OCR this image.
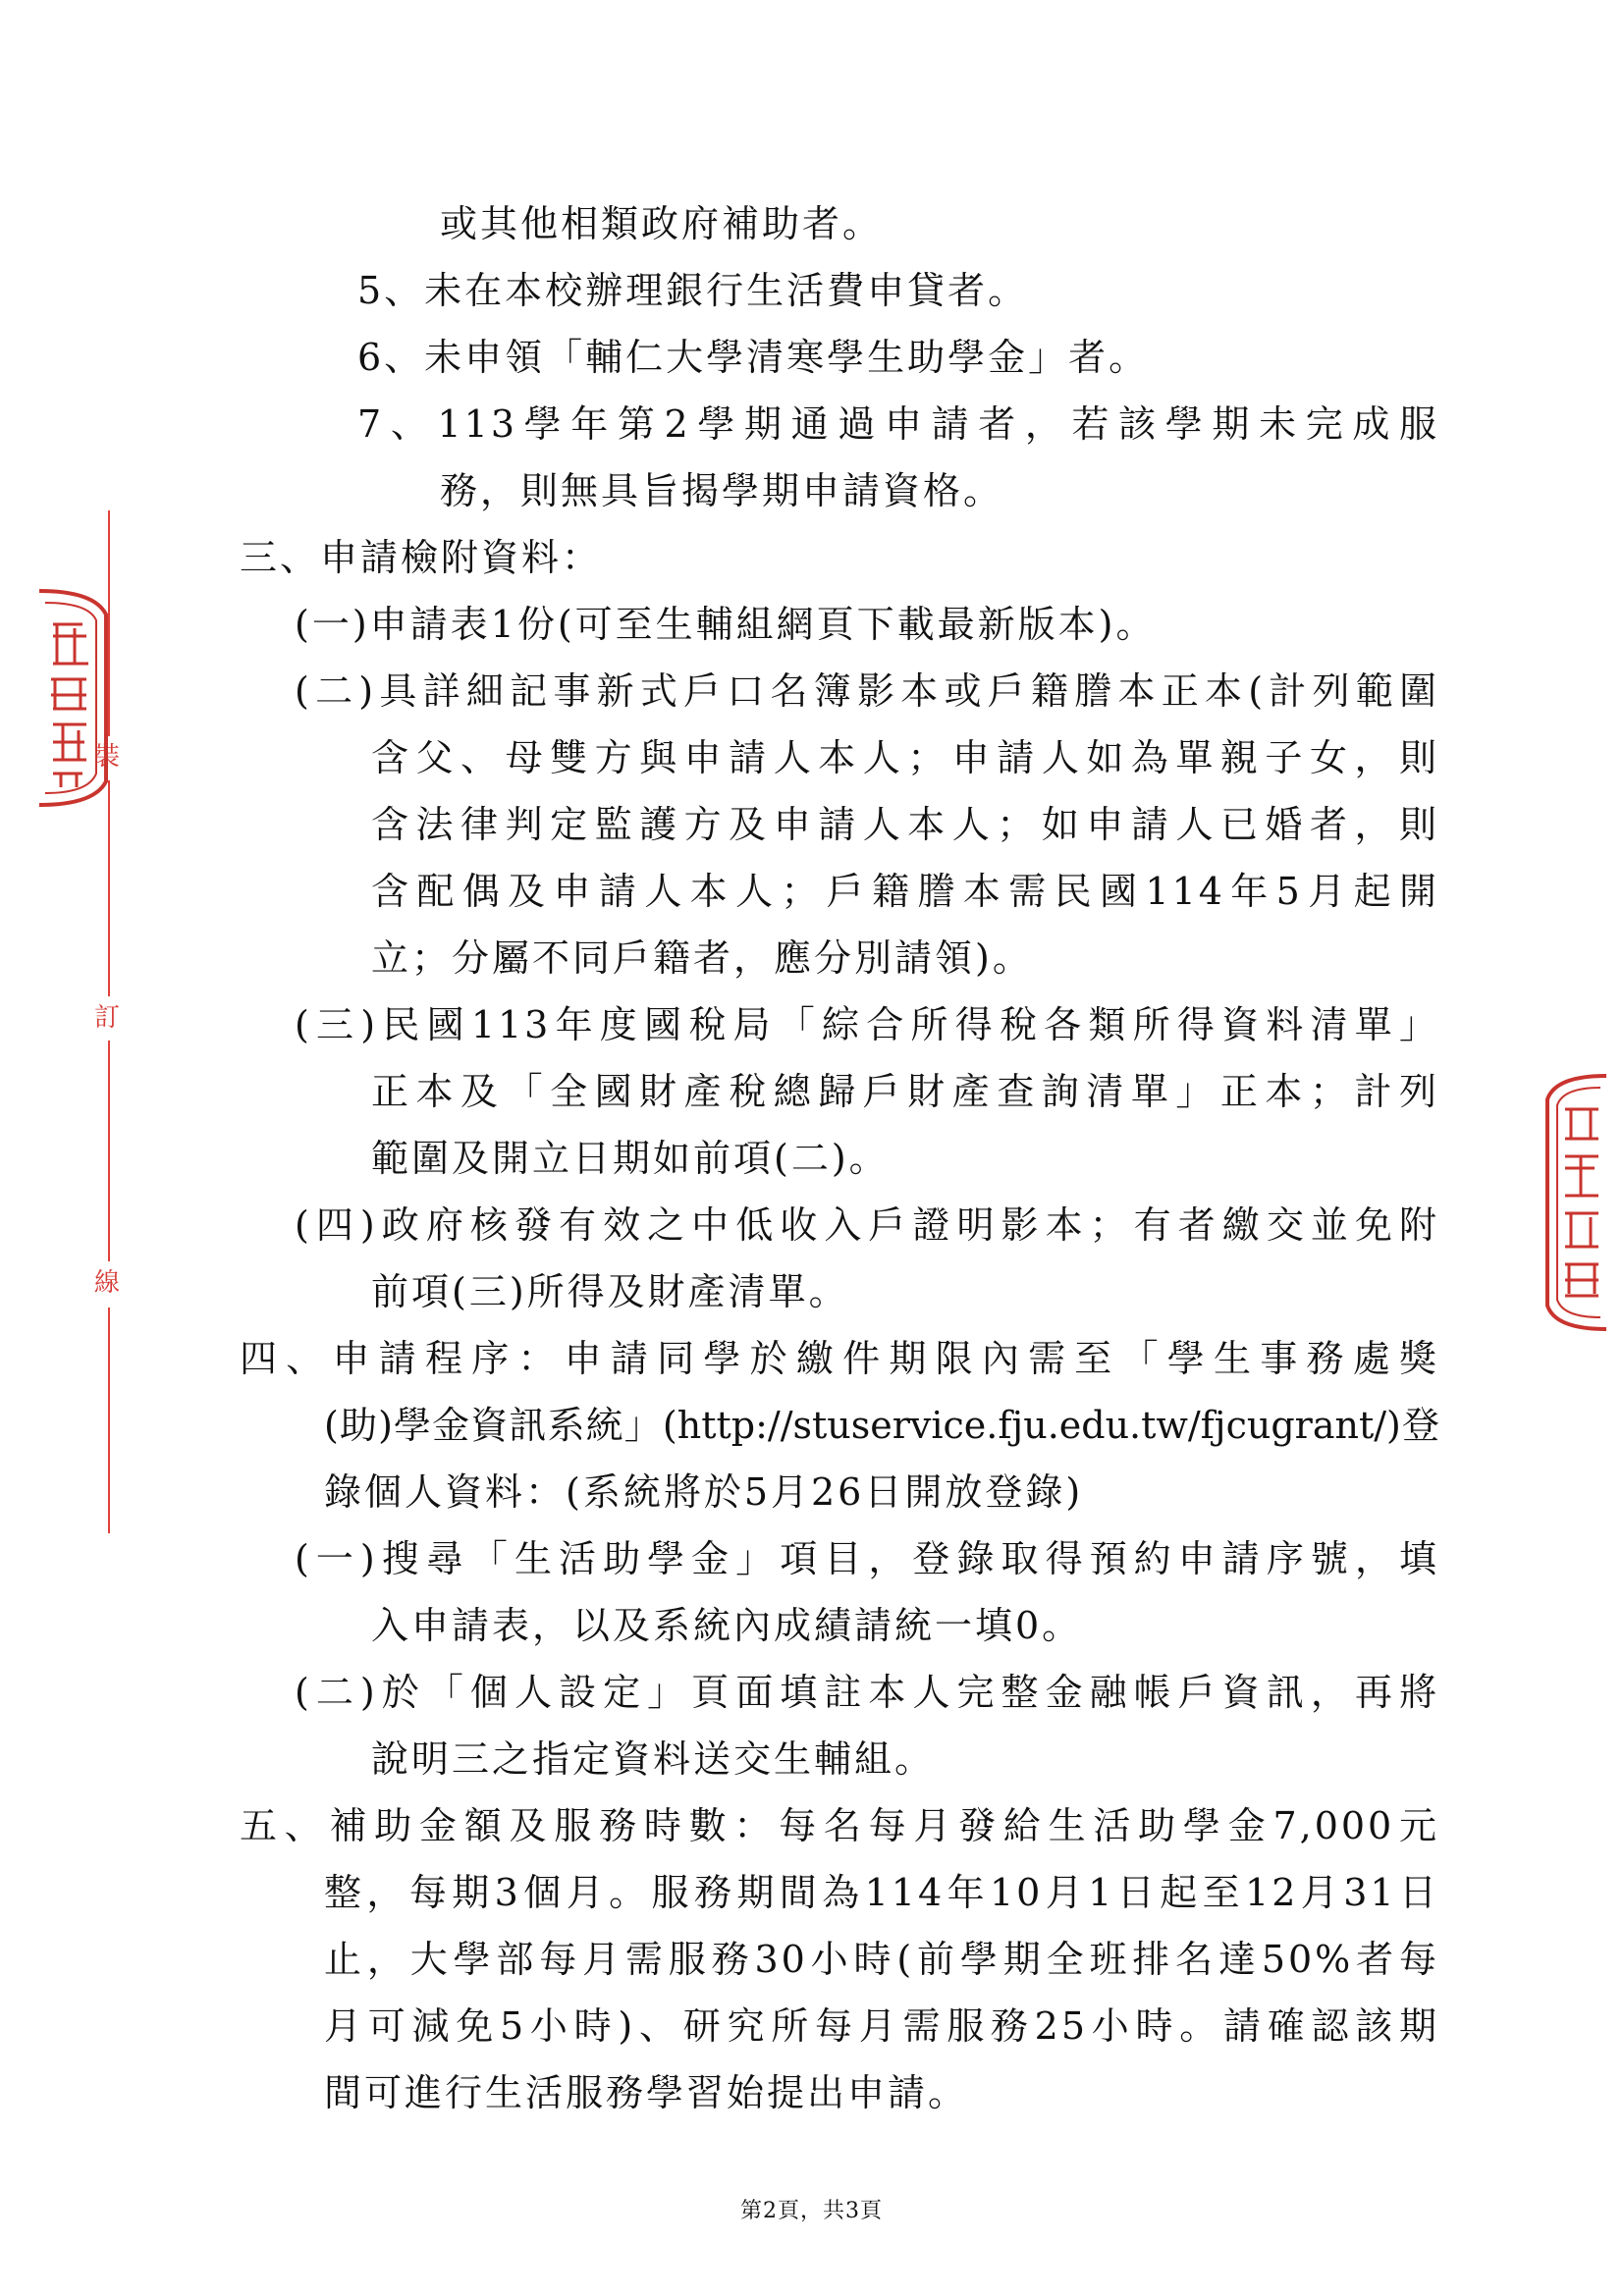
裝
訂
線
或其他相類政府補助者。
5、未在本校辦理銀行生活費申貸者。
6、未申領「輔仁大學清寒學生助學金」者。
7、113學年第2學期通過申請者，若該學期未完成服
務，則無具旨揭學期申請資格。
三、申請檢附資料：
(一)申請表1份(可至生輔組網頁下載最新版本)。
(二)具詳細記事新式戶口名簿影本或戶籍謄本正本(計列範圍
含父、母雙方與申請人本人；申請人如為單親子女，則
含法律判定監護方及申請人本人；如申請人已婚者，則
含配偶及申請人本人；戶籍謄本需民國114年5月起開
立；分屬不同戶籍者，應分別請領)。
(三)民國113年度國稅局「綜合所得稅各類所得資料清單」
正本及「全國財產稅總歸戶財產查詢清單」正本；計列
範圍及開立日期如前項(二)。
(四)政府核發有效之中低收入戶證明影本；有者繳交並免附
前項(三)所得及財產清單。
四、申請程序：申請同學於繳件期限內需至「學生事務處獎
(助)學金資訊系統」(http://stuservice.fju.edu.tw/fjcugrant/)登
錄個人資料：(系統將於5月26日開放登錄)
(一)搜尋「生活助學金」項目，登錄取得預約申請序號，填
入申請表，以及系統內成績請統一填0。
(二)於「個人設定」頁面填註本人完整金融帳戶資訊，再將
說明三之指定資料送交生輔組。
五、補助金額及服務時數：每名每月發給生活助學金7,000元
整，每期3個月。服務期間為114年10月1日起至12月31日
止，大學部每月需服務30小時(前學期全班排名達50%者每
月可減免5小時)、研究所每月需服務25小時。請確認該期
間可進行生活服務學習始提出申請。
第2頁，共3頁
